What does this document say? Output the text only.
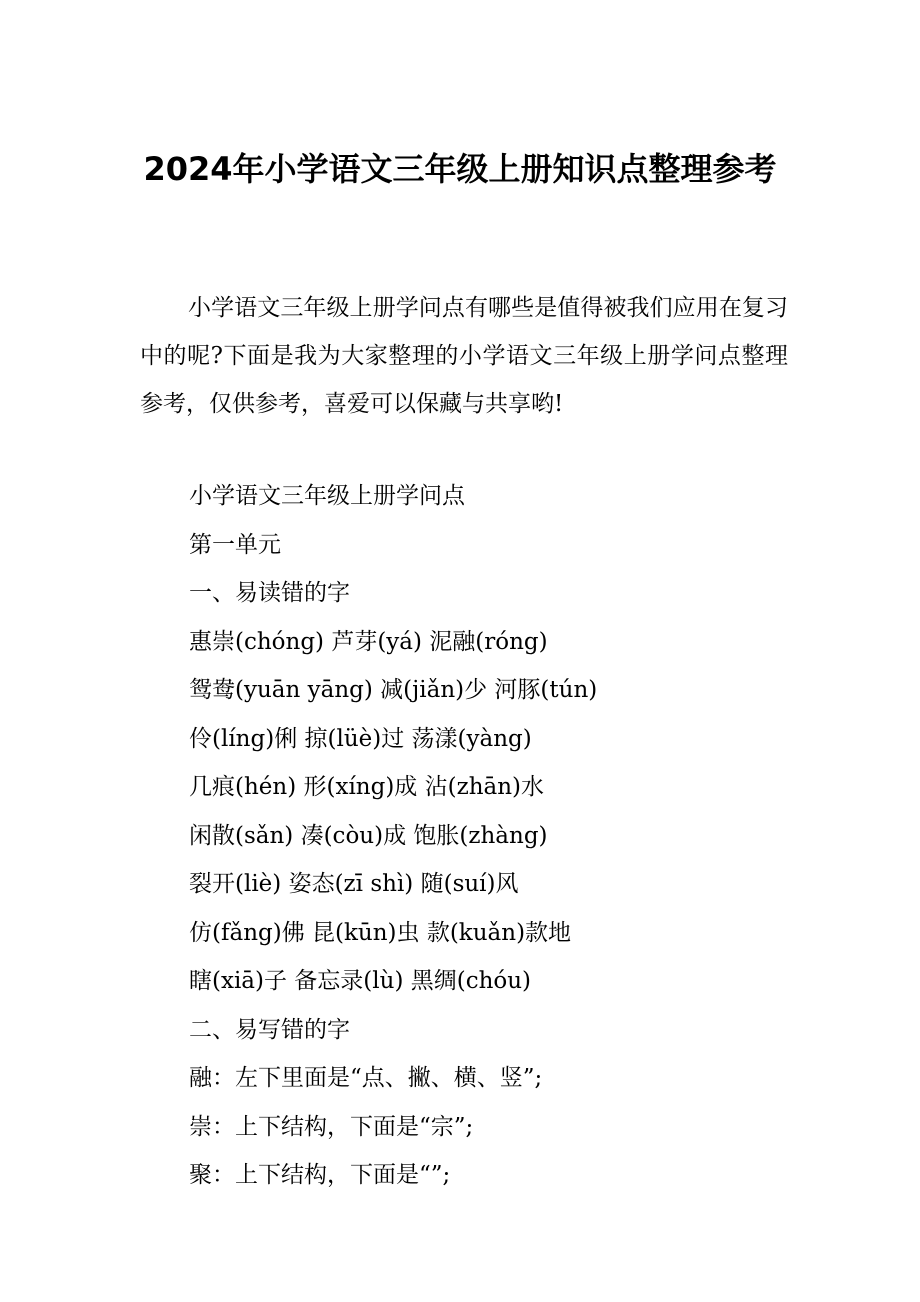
2024年小学语文三年级上册知识点整理参考

小学语文三年级上册学问点有哪些是值得被我们应用在复习中的呢?下面是我为大家整理的小学语文三年级上册学问点整理参考，仅供参考，喜爱可以保藏与共享哟!

小学语文三年级上册学问点
第一单元
一、易读错的字
惠崇(chóng) 芦芽(yá) 泥融(róng)
鸳鸯(yuān yāng) 减(jiǎn)少 河豚(tún)
伶(líng)俐 掠(lüè)过 荡漾(yàng)
几痕(hén) 形(xíng)成 沾(zhān)水
闲散(sǎn) 凑(còu)成 饱胀(zhàng)
裂开(liè) 姿态(zī shì) 随(suí)风
仿(fǎng)佛 昆(kūn)虫 款(kuǎn)款地
瞎(xiā)子 备忘录(lù) 黑绸(chóu)
二、易写错的字
融：左下里面是“点、撇、横、竖”;
崇：上下结构，下面是“宗”;
聚：上下结构，下面是“”;
